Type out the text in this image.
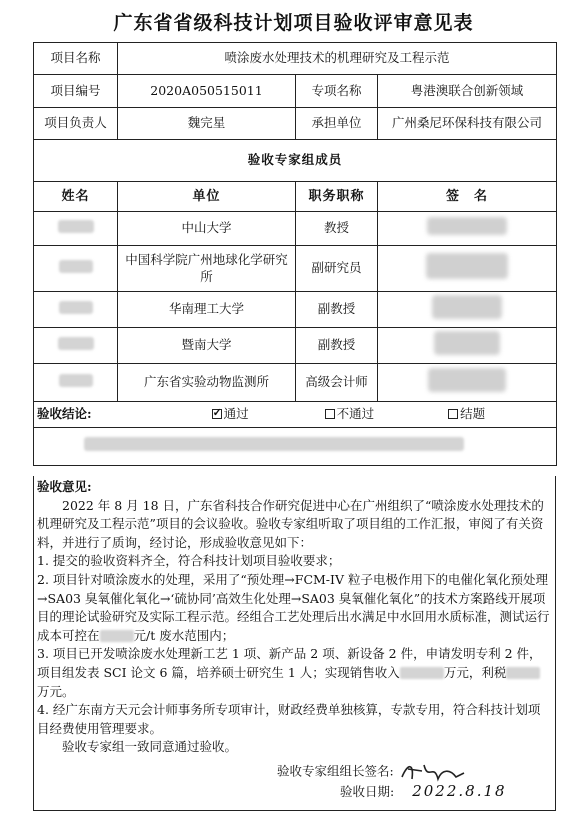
广东省省级科技计划项目验收评审意见表
项目名称	喷涂废水处理技术的机理研究及工程示范		
项目编号	2020A050515011	专项名称	粤港澳联合创新领域
项目负责人	魏完星	承担单位	广州桑尼环保科技有限公司
验收专家组成员			
姓名	单位	职务职称	签　名
	中山大学	教授	
	中国科学院广州地球化学研究所	副研究员	
	华南理工大学	副教授	
	暨南大学	副教授	
	广东省实验动物监测所	高级会计师	
验收结论: ✓ 通过 不通过 结题

验收意见:

2022 年 8 月 18 日，广东省科技合作研究促进中心在广州组织了“喷涂废水处理技术的机理研究及工程示范”项目的会议验收。验收专家组听取了项目组的工作汇报，审阅了有关资料，并进行了质询，经讨论，形成验收意见如下：

1. 提交的验收资料齐全，符合科技计划项目验收要求；

2. 项目针对喷涂废水的处理，采用了“预处理→FCM-IV 粒子电极作用下的电催化氧化预处理→SA03 臭氧催化氧化→‘硫协同’高效生化处理→SA03 臭氧催化氧化”的技术方案路线开展项目的理论试验研究及实际工程示范。经组合工艺处理后出水满足中水回用水质标准，测试运行成本可控在	元/t 废水范围内；

3. 项目已开发喷涂废水处理新工艺 1 项、新产品 2 项、新设备 2 件，申请发明专利 2 件，项目组发表 SCI 论文 6 篇，培养硕士研究生 1 人；实现销售收入	万元，利税万元。

4. 经广东南方天元会计师事务所专项审计，财政经费单独核算，专款专用，符合科技计划项目经费使用管理要求。

验收专家组一致同意通过验收。

验收专家组组长签名:
验收日期: 2022.8.18
